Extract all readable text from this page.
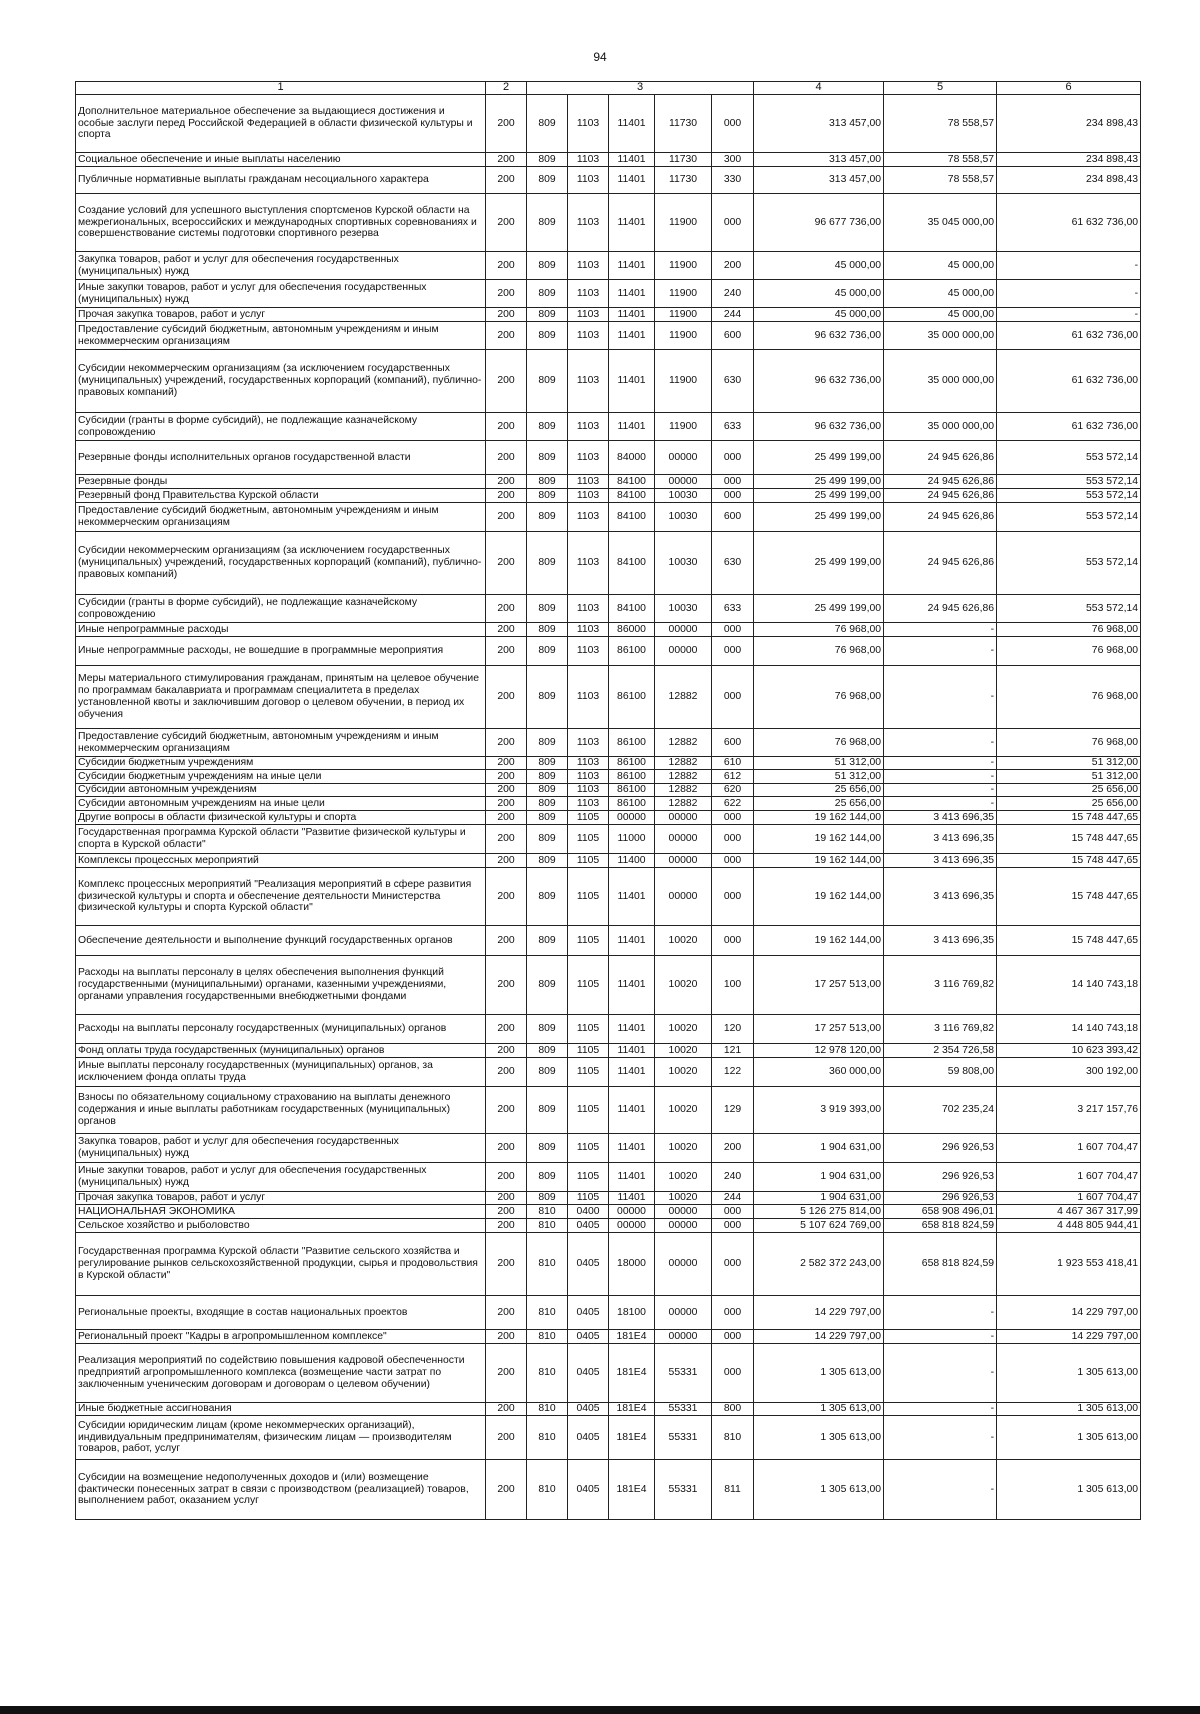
94
1	2	3					4	5	6
Дополнительное материальное обеспечение за выдающиеся достижения и особые заслуги перед Российской Федерацией в области физической культуры и спорта	200	809	1103	11401	11730	000	313 457,00	78 558,57	234 898,43
Социальное обеспечение и иные выплаты населению	200	809	1103	11401	11730	300	313 457,00	78 558,57	234 898,43
Публичные нормативные выплаты гражданам несоциального характера	200	809	1103	11401	11730	330	313 457,00	78 558,57	234 898,43
Создание условий для успешного выступления спортсменов Курской области на межрегиональных, всероссийских и международных спортивных соревнованиях и совершенствование системы подготовки спортивного резерва	200	809	1103	11401	11900	000	96 677 736,00	35 045 000,00	61 632 736,00
Закупка товаров, работ и услуг для обеспечения государственных (муниципальных) нужд	200	809	1103	11401	11900	200	45 000,00	45 000,00	-
Иные закупки товаров, работ и услуг для обеспечения государственных (муниципальных) нужд	200	809	1103	11401	11900	240	45 000,00	45 000,00	-
Прочая закупка товаров, работ и услуг	200	809	1103	11401	11900	244	45 000,00	45 000,00	-
Предоставление субсидий бюджетным, автономным учреждениям и иным некоммерческим организациям	200	809	1103	11401	11900	600	96 632 736,00	35 000 000,00	61 632 736,00
Субсидии некоммерческим организациям (за исключением государственных (муниципальных) учреждений, государственных корпораций (компаний), публично-правовых компаний)	200	809	1103	11401	11900	630	96 632 736,00	35 000 000,00	61 632 736,00
Субсидии (гранты в форме субсидий), не подлежащие казначейскому сопровождению	200	809	1103	11401	11900	633	96 632 736,00	35 000 000,00	61 632 736,00
Резервные фонды исполнительных органов государственной власти	200	809	1103	84000	00000	000	25 499 199,00	24 945 626,86	553 572,14
Резервные фонды	200	809	1103	84100	00000	000	25 499 199,00	24 945 626,86	553 572,14
Резервный фонд Правительства Курской области	200	809	1103	84100	10030	000	25 499 199,00	24 945 626,86	553 572,14
Предоставление субсидий бюджетным, автономным учреждениям и иным некоммерческим организациям	200	809	1103	84100	10030	600	25 499 199,00	24 945 626,86	553 572,14
Субсидии некоммерческим организациям (за исключением государственных (муниципальных) учреждений, государственных корпораций (компаний), публично-правовых компаний)	200	809	1103	84100	10030	630	25 499 199,00	24 945 626,86	553 572,14
Субсидии (гранты в форме субсидий), не подлежащие казначейскому сопровождению	200	809	1103	84100	10030	633	25 499 199,00	24 945 626,86	553 572,14
Иные непрограммные расходы	200	809	1103	86000	00000	000	76 968,00	-	76 968,00
Иные непрограммные расходы, не вошедшие в программные мероприятия	200	809	1103	86100	00000	000	76 968,00	-	76 968,00
Меры материального стимулирования гражданам, принятым на целевое обучение по программам бакалавриата и программам специалитета в пределах установленной квоты и заключившим договор о целевом обучении, в период их обучения	200	809	1103	86100	12882	000	76 968,00	-	76 968,00
Предоставление субсидий бюджетным, автономным учреждениям и иным некоммерческим организациям	200	809	1103	86100	12882	600	76 968,00	-	76 968,00
Субсидии бюджетным учреждениям	200	809	1103	86100	12882	610	51 312,00	-	51 312,00
Субсидии бюджетным учреждениям на иные цели	200	809	1103	86100	12882	612	51 312,00	-	51 312,00
Субсидии автономным учреждениям	200	809	1103	86100	12882	620	25 656,00	-	25 656,00
Субсидии автономным учреждениям на иные цели	200	809	1103	86100	12882	622	25 656,00	-	25 656,00
Другие вопросы в области физической культуры и спорта	200	809	1105	00000	00000	000	19 162 144,00	3 413 696,35	15 748 447,65
Государственная программа Курской области "Развитие физической культуры и спорта в Курской области"	200	809	1105	11000	00000	000	19 162 144,00	3 413 696,35	15 748 447,65
Комплексы процессных мероприятий	200	809	1105	11400	00000	000	19 162 144,00	3 413 696,35	15 748 447,65
Комплекс процессных мероприятий "Реализация мероприятий в сфере развития физической культуры и спорта и обеспечение деятельности Министерства физической культуры и спорта Курской области"	200	809	1105	11401	00000	000	19 162 144,00	3 413 696,35	15 748 447,65
Обеспечение деятельности и выполнение функций государственных органов	200	809	1105	11401	10020	000	19 162 144,00	3 413 696,35	15 748 447,65
Расходы на выплаты персоналу в целях обеспечения выполнения функций государственными (муниципальными) органами, казенными учреждениями, органами управления государственными внебюджетными фондами	200	809	1105	11401	10020	100	17 257 513,00	3 116 769,82	14 140 743,18
Расходы на выплаты персоналу государственных (муниципальных) органов	200	809	1105	11401	10020	120	17 257 513,00	3 116 769,82	14 140 743,18
Фонд оплаты труда государственных (муниципальных) органов	200	809	1105	11401	10020	121	12 978 120,00	2 354 726,58	10 623 393,42
Иные выплаты персоналу государственных (муниципальных) органов, за исключением фонда оплаты труда	200	809	1105	11401	10020	122	360 000,00	59 808,00	300 192,00
Взносы по обязательному социальному страхованию на выплаты денежного содержания и иные выплаты работникам государственных (муниципальных) органов	200	809	1105	11401	10020	129	3 919 393,00	702 235,24	3 217 157,76
Закупка товаров, работ и услуг для обеспечения государственных (муниципальных) нужд	200	809	1105	11401	10020	200	1 904 631,00	296 926,53	1 607 704,47
Иные закупки товаров, работ и услуг для обеспечения государственных (муниципальных) нужд	200	809	1105	11401	10020	240	1 904 631,00	296 926,53	1 607 704,47
Прочая закупка товаров, работ и услуг	200	809	1105	11401	10020	244	1 904 631,00	296 926,53	1 607 704,47
НАЦИОНАЛЬНАЯ ЭКОНОМИКА	200	810	0400	00000	00000	000	5 126 275 814,00	658 908 496,01	4 467 367 317,99
Сельское хозяйство и рыболовство	200	810	0405	00000	00000	000	5 107 624 769,00	658 818 824,59	4 448 805 944,41
Государственная программа Курской области "Развитие сельского хозяйства и регулирование рынков сельскохозяйственной продукции, сырья и продовольствия в Курской области"	200	810	0405	18000	00000	000	2 582 372 243,00	658 818 824,59	1 923 553 418,41
Региональные проекты, входящие в состав национальных проектов	200	810	0405	18100	00000	000	14 229 797,00	-	14 229 797,00
Региональный проект "Кадры в агропромышленном комплексе"	200	810	0405	181E4	00000	000	14 229 797,00	-	14 229 797,00
Реализация мероприятий по содействию повышения кадровой обеспеченности предприятий агропромышленного комплекса (возмещение части затрат по заключенным ученическим договорам и договорам о целевом обучении)	200	810	0405	181E4	55331	000	1 305 613,00	-	1 305 613,00
Иные бюджетные ассигнования	200	810	0405	181E4	55331	800	1 305 613,00	-	1 305 613,00
Субсидии юридическим лицам (кроме некоммерческих организаций), индивидуальным предпринимателям, физическим лицам — производителям товаров, работ, услуг	200	810	0405	181E4	55331	810	1 305 613,00	-	1 305 613,00
Субсидии на возмещение недополученных доходов и (или) возмещение фактически понесенных затрат в связи с производством (реализацией) товаров, выполнением работ, оказанием услуг	200	810	0405	181E4	55331	811	1 305 613,00	-	1 305 613,00
